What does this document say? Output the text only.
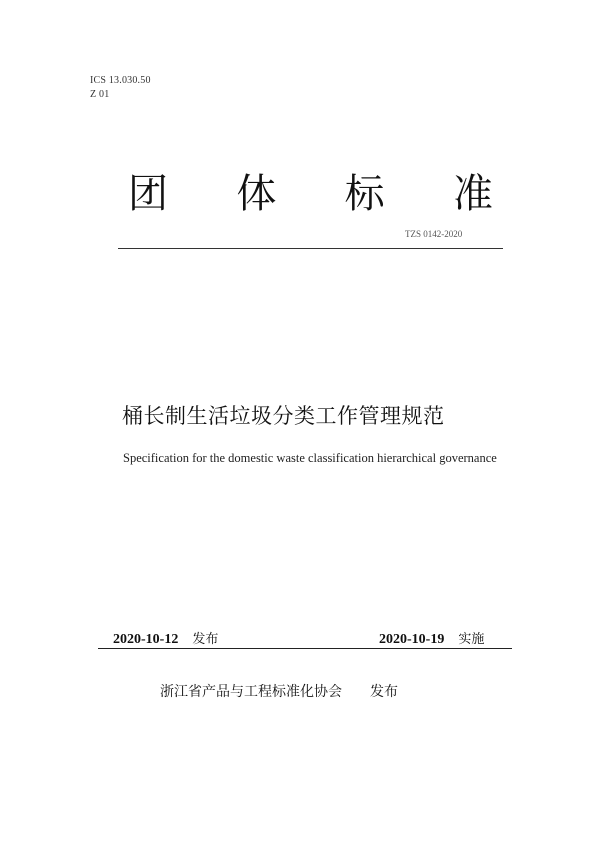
ICS 13.030.50
Z 01
团 体 标 准
TZS 0142-2020
桶长制生活垃圾分类工作管理规范
Specification for the domestic waste classification hierarchical governance
2020-10-12 发布	2020-10-19 实施
浙江省产品与工程标准化协会 发布
